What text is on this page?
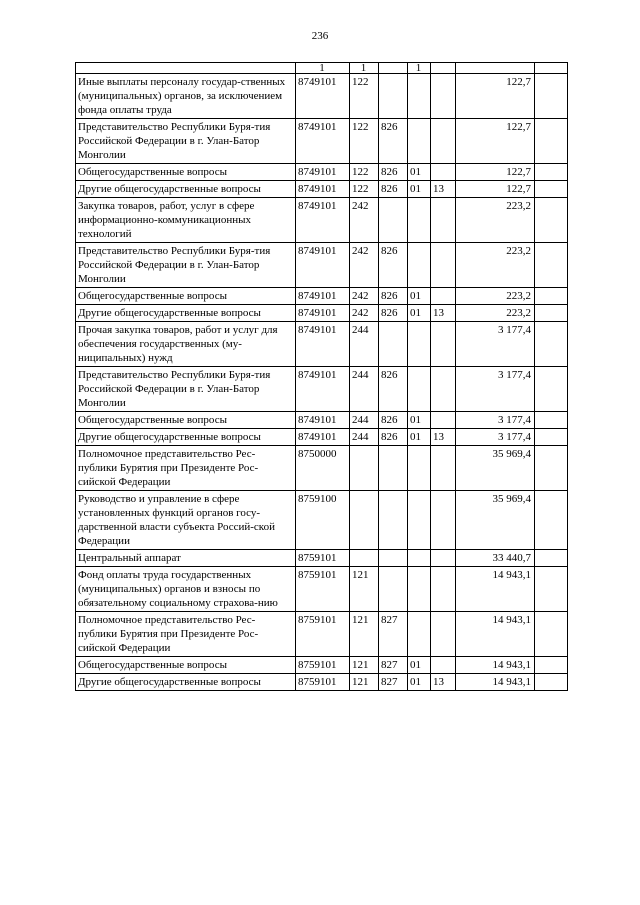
236
	1	1		1			
Иные выплаты персоналу государ-ственных (муниципальных) органов, за исключением фонда оплаты труда	8749101	122				122,7	
Представительство Республики Буря-тия Российской Федерации в г. Улан-Батор Монголии	8749101	122	826			122,7	
Общегосударственные вопросы	8749101	122	826	01		122,7	
Другие общегосударственные вопросы	8749101	122	826	01	13	122,7	
Закупка товаров, работ, услуг в сфере информационно-коммуникационных технологий	8749101	242				223,2	
Представительство Республики Буря-тия Российской Федерации в г. Улан-Батор Монголии	8749101	242	826			223,2	
Общегосударственные вопросы	8749101	242	826	01		223,2	
Другие общегосударственные вопросы	8749101	242	826	01	13	223,2	
Прочая закупка товаров, работ и услуг для обеспечения государственных (му-ниципальных) нужд	8749101	244				3 177,4	
Представительство Республики Буря-тия Российской Федерации в г. Улан-Батор Монголии	8749101	244	826			3 177,4	
Общегосударственные вопросы	8749101	244	826	01		3 177,4	
Другие общегосударственные вопросы	8749101	244	826	01	13	3 177,4	
Полномочное представительство Рес-публики Бурятия при Президенте Рос-сийской Федерации	8750000					35 969,4	
Руководство и управление в сфере установленных функций органов госу-дарственной власти субъекта Россий-ской Федерации	8759100					35 969,4	
Центральный аппарат	8759101					33 440,7	
Фонд оплаты труда государственных (муниципальных) органов и взносы по обязательному социальному страхова-нию	8759101	121				14 943,1	
Полномочное представительство Рес-публики Бурятия при Президенте Рос-сийской Федерации	8759101	121	827			14 943,1	
Общегосударственные вопросы	8759101	121	827	01		14 943,1	
Другие общегосударственные вопросы	8759101	121	827	01	13	14 943,1	
